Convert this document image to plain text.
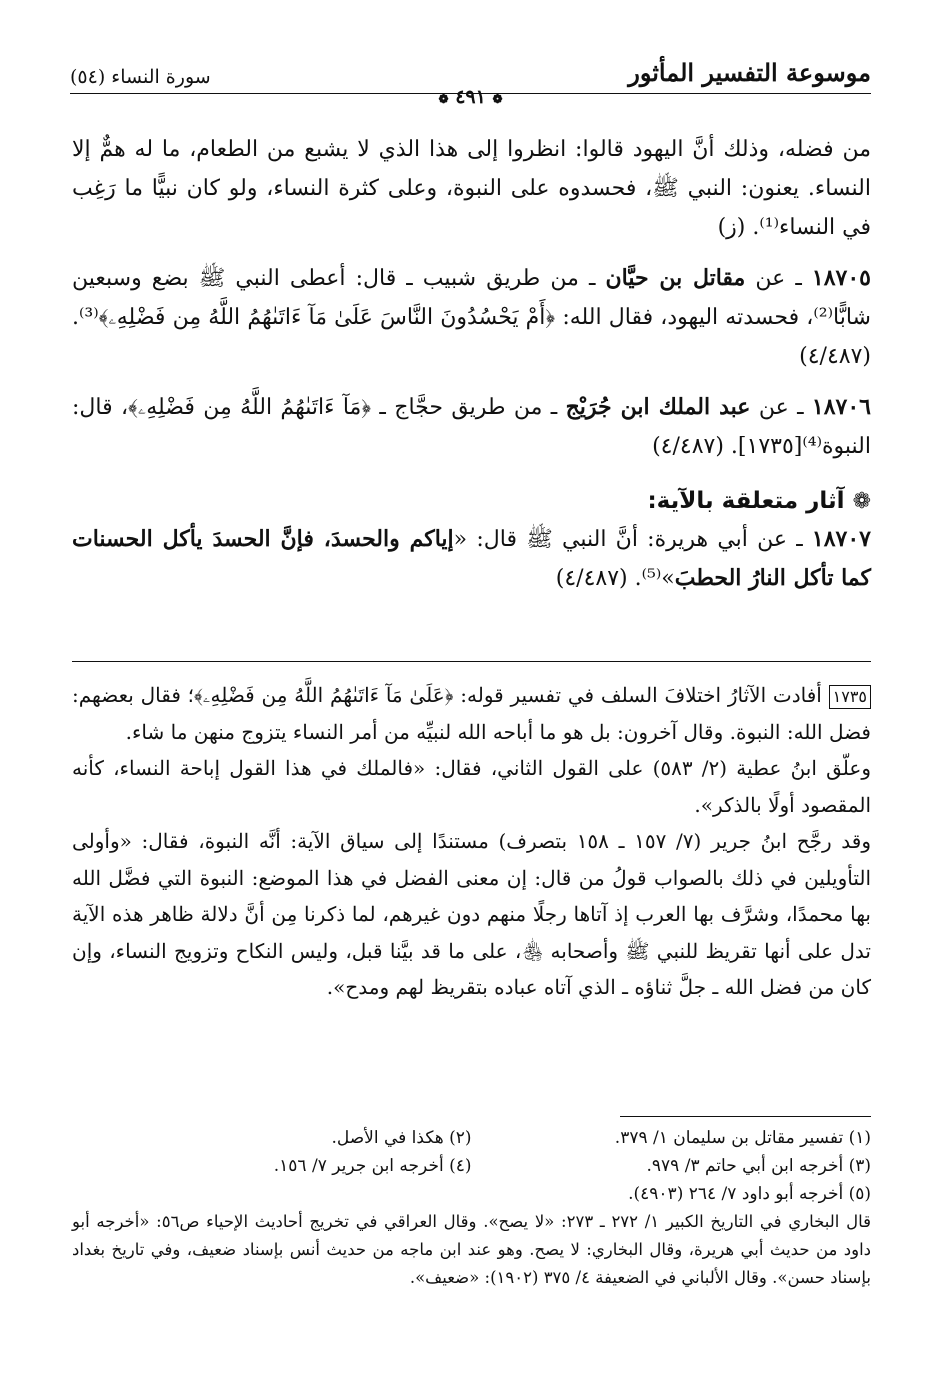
سورة النساء (٥٤)
❁ ٤٩١ ❁
موسوعة التفسير المأثور

من فضله، وذلك أنَّ اليهود قالوا: انظروا إلى هذا الذي لا يشبع من الطعام، ما له همٌّ إلا النساء. يعنون: النبي ﷺ، فحسدوه على النبوة، وعلى كثرة النساء، ولو كان نبيًّا ما رَغِب في النساء⁽¹⁾. (ز)

١٨٧٠٥ ـ عن مقاتل بن حيَّان ـ من طريق شبيب ـ قال: أعطى النبي ﷺ بضع وسبعين شابًّا⁽²⁾، فحسدته اليهود، فقال الله: ﴿أَمْ يَحْسُدُونَ النَّاسَ عَلَىٰ مَآ ءَاتَىٰهُمُ اللَّهُ مِن فَضْلِهِۦ﴾⁽³⁾. (٤/٤٨٧)

١٨٧٠٦ ـ عن عبد الملك ابن جُرَيْج ـ من طريق حجَّاج ـ ﴿مَآ ءَاتَىٰهُمُ اللَّهُ مِن فَضْلِهِۦ﴾، قال: النبوة⁽⁴⁾[١٧٣٥]. (٤/٤٨٧)

❁ آثار متعلقة بالآية:

١٨٧٠٧ ـ عن أبي هريرة: أنَّ النبي ﷺ قال: «إياكم والحسدَ، فإنَّ الحسدَ يأكل الحسنات كما تأكل النارُ الحطبَ»⁽⁵⁾. (٤/٤٨٧)

١٧٣٥ أفادت الآثارُ اختلافَ السلف في تفسير قوله: ﴿عَلَىٰ مَآ ءَاتَىٰهُمُ اللَّهُ مِن فَضْلِهِۦ﴾؛ فقال بعضهم: فضل الله: النبوة. وقال آخرون: بل هو ما أباحه الله لنبيِّه من أمر النساء يتزوج منهن ما شاء.

وعلّق ابنُ عطية (٢/ ٥٨٣) على القول الثاني، فقال: «فالملك في هذا القول إباحة النساء، كأنه المقصود أولًا بالذكر».

وقد رجَّح ابنُ جرير (٧/ ١٥٧ ـ ١٥٨ بتصرف) مستندًا إلى سياق الآية: أنَّه النبوة، فقال: «وأولى التأويلين في ذلك بالصواب قولُ من قال: إن معنى الفضل في هذا الموضع: النبوة التي فضَّل الله بها محمدًا، وشرَّف بها العرب إذ آتاها رجلًا منهم دون غيرهم، لما ذكرنا مِن أنَّ دلالة ظاهر هذه الآية تدل على أنها تقريظ للنبي ﷺ وأصحابه ﵃، على ما قد بيَّنا قبل، وليس النكاح وتزويج النساء، وإن كان من فضل الله ـ جلَّ ثناؤه ـ الذي آتاه عباده بتقريظ لهم ومدح».

(١) تفسير مقاتل بن سليمان ١/ ٣٧٩.
(٢) هكذا في الأصل.
(٣) أخرجه ابن أبي حاتم ٣/ ٩٧٩.
(٤) أخرجه ابن جرير ٧/ ١٥٦.
(٥) أخرجه أبو داود ٧/ ٢٦٤ (٤٩٠٣).
قال البخاري في التاريخ الكبير ١/ ٢٧٢ ـ ٢٧٣: «لا يصح». وقال العراقي في تخريج أحاديث الإحياء ص٥٦: «أخرجه أبو داود من حديث أبي هريرة، وقال البخاري: لا يصح. وهو عند ابن ماجه من حديث أنس بإسناد ضعيف، وفي تاريخ بغداد بإسناد حسن». وقال الألباني في الضعيفة ٤/ ٣٧٥ (١٩٠٢): «ضعيف».
